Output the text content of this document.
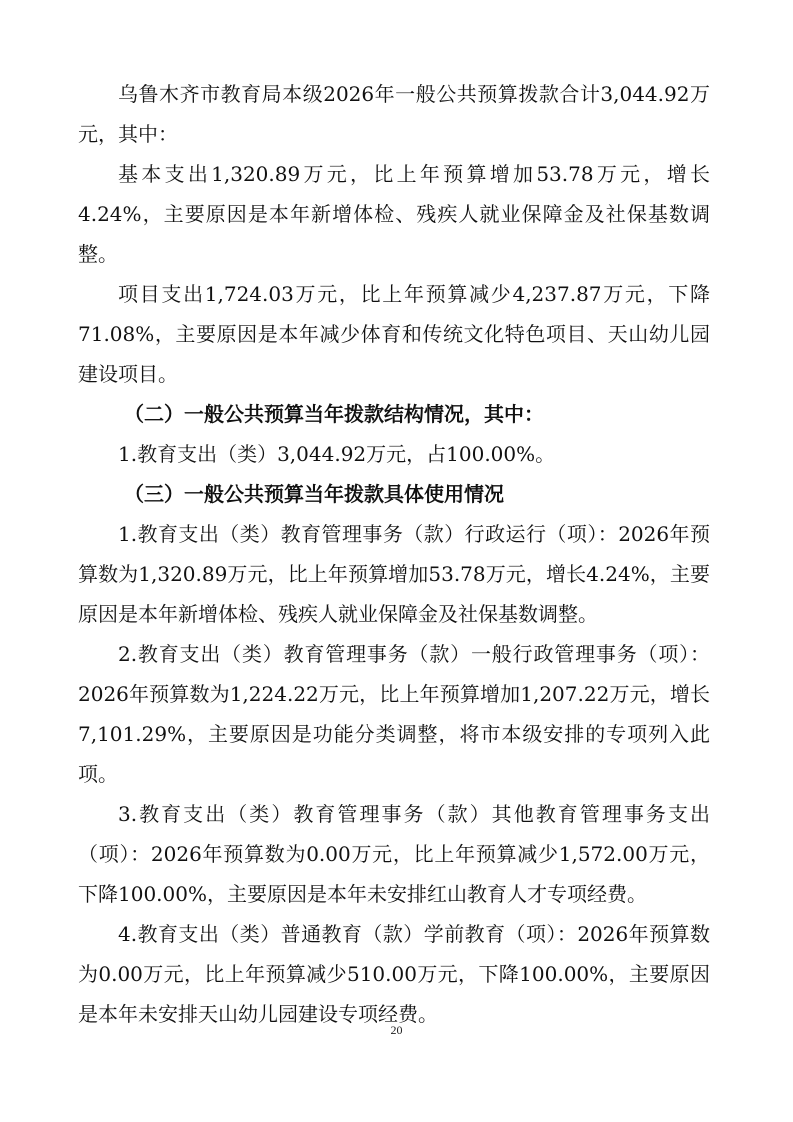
乌鲁木齐市教育局本级2026年一般公共预算拨款合计3,044.92万元，其中：

基本支出1,320.89万元，比上年预算增加53.78万元，增长4.24%，主要原因是本年新增体检、残疾人就业保障金及社保基数调整。

项目支出1,724.03万元，比上年预算减少4,237.87万元，下降71.08%，主要原因是本年减少体育和传统文化特色项目、天山幼儿园建设项目。

（二）一般公共预算当年拨款结构情况，其中：

1.教育支出（类）3,044.92万元，占100.00%。

（三）一般公共预算当年拨款具体使用情况

1.教育支出（类）教育管理事务（款）行政运行（项）：2026年预算数为1,320.89万元，比上年预算增加53.78万元，增长4.24%，主要原因是本年新增体检、残疾人就业保障金及社保基数调整。

2.教育支出（类）教育管理事务（款）一般行政管理事务（项）：2026年预算数为1,224.22万元，比上年预算增加1,207.22万元，增长7,101.29%，主要原因是功能分类调整，将市本级安排的专项列入此项。

3.教育支出（类）教育管理事务（款）其他教育管理事务支出（项）：2026年预算数为0.00万元，比上年预算减少1,572.00万元，下降100.00%，主要原因是本年未安排红山教育人才专项经费。

4.教育支出（类）普通教育（款）学前教育（项）：2026年预算数为0.00万元，比上年预算减少510.00万元，下降100.00%，主要原因是本年未安排天山幼儿园建设专项经费。

20
